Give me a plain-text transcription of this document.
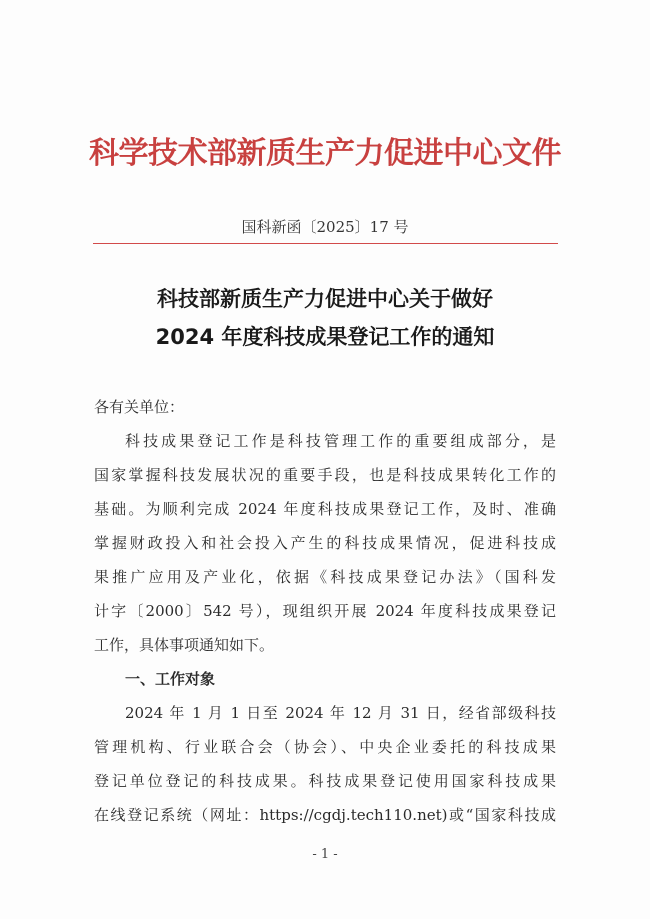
科学技术部新质生产力促进中心文件
国科新函〔2025〕17 号
科技部新质生产力促进中心关于做好
2024 年度科技成果登记工作的通知
各有关单位：
科技成果登记工作是科技管理工作的重要组成部分，是
国家掌握科技发展状况的重要手段，也是科技成果转化工作的
基础。为顺利完成 2024 年度科技成果登记工作，及时、准确
掌握财政投入和社会投入产生的科技成果情况，促进科技成
果推广应用及产业化，依据《科技成果登记办法》（国科发
计字〔2000〕542 号），现组织开展 2024 年度科技成果登记
工作，具体事项通知如下。
一、工作对象
2024 年 1 月 1 日至 2024 年 12 月 31 日，经省部级科技
管理机构、行业联合会（协会）、中央企业委托的科技成果
登记单位登记的科技成果。科技成果登记使用国家科技成果
在线登记系统（网址：https://cgdj.tech110.net)或“国家科技成
- 1 -
